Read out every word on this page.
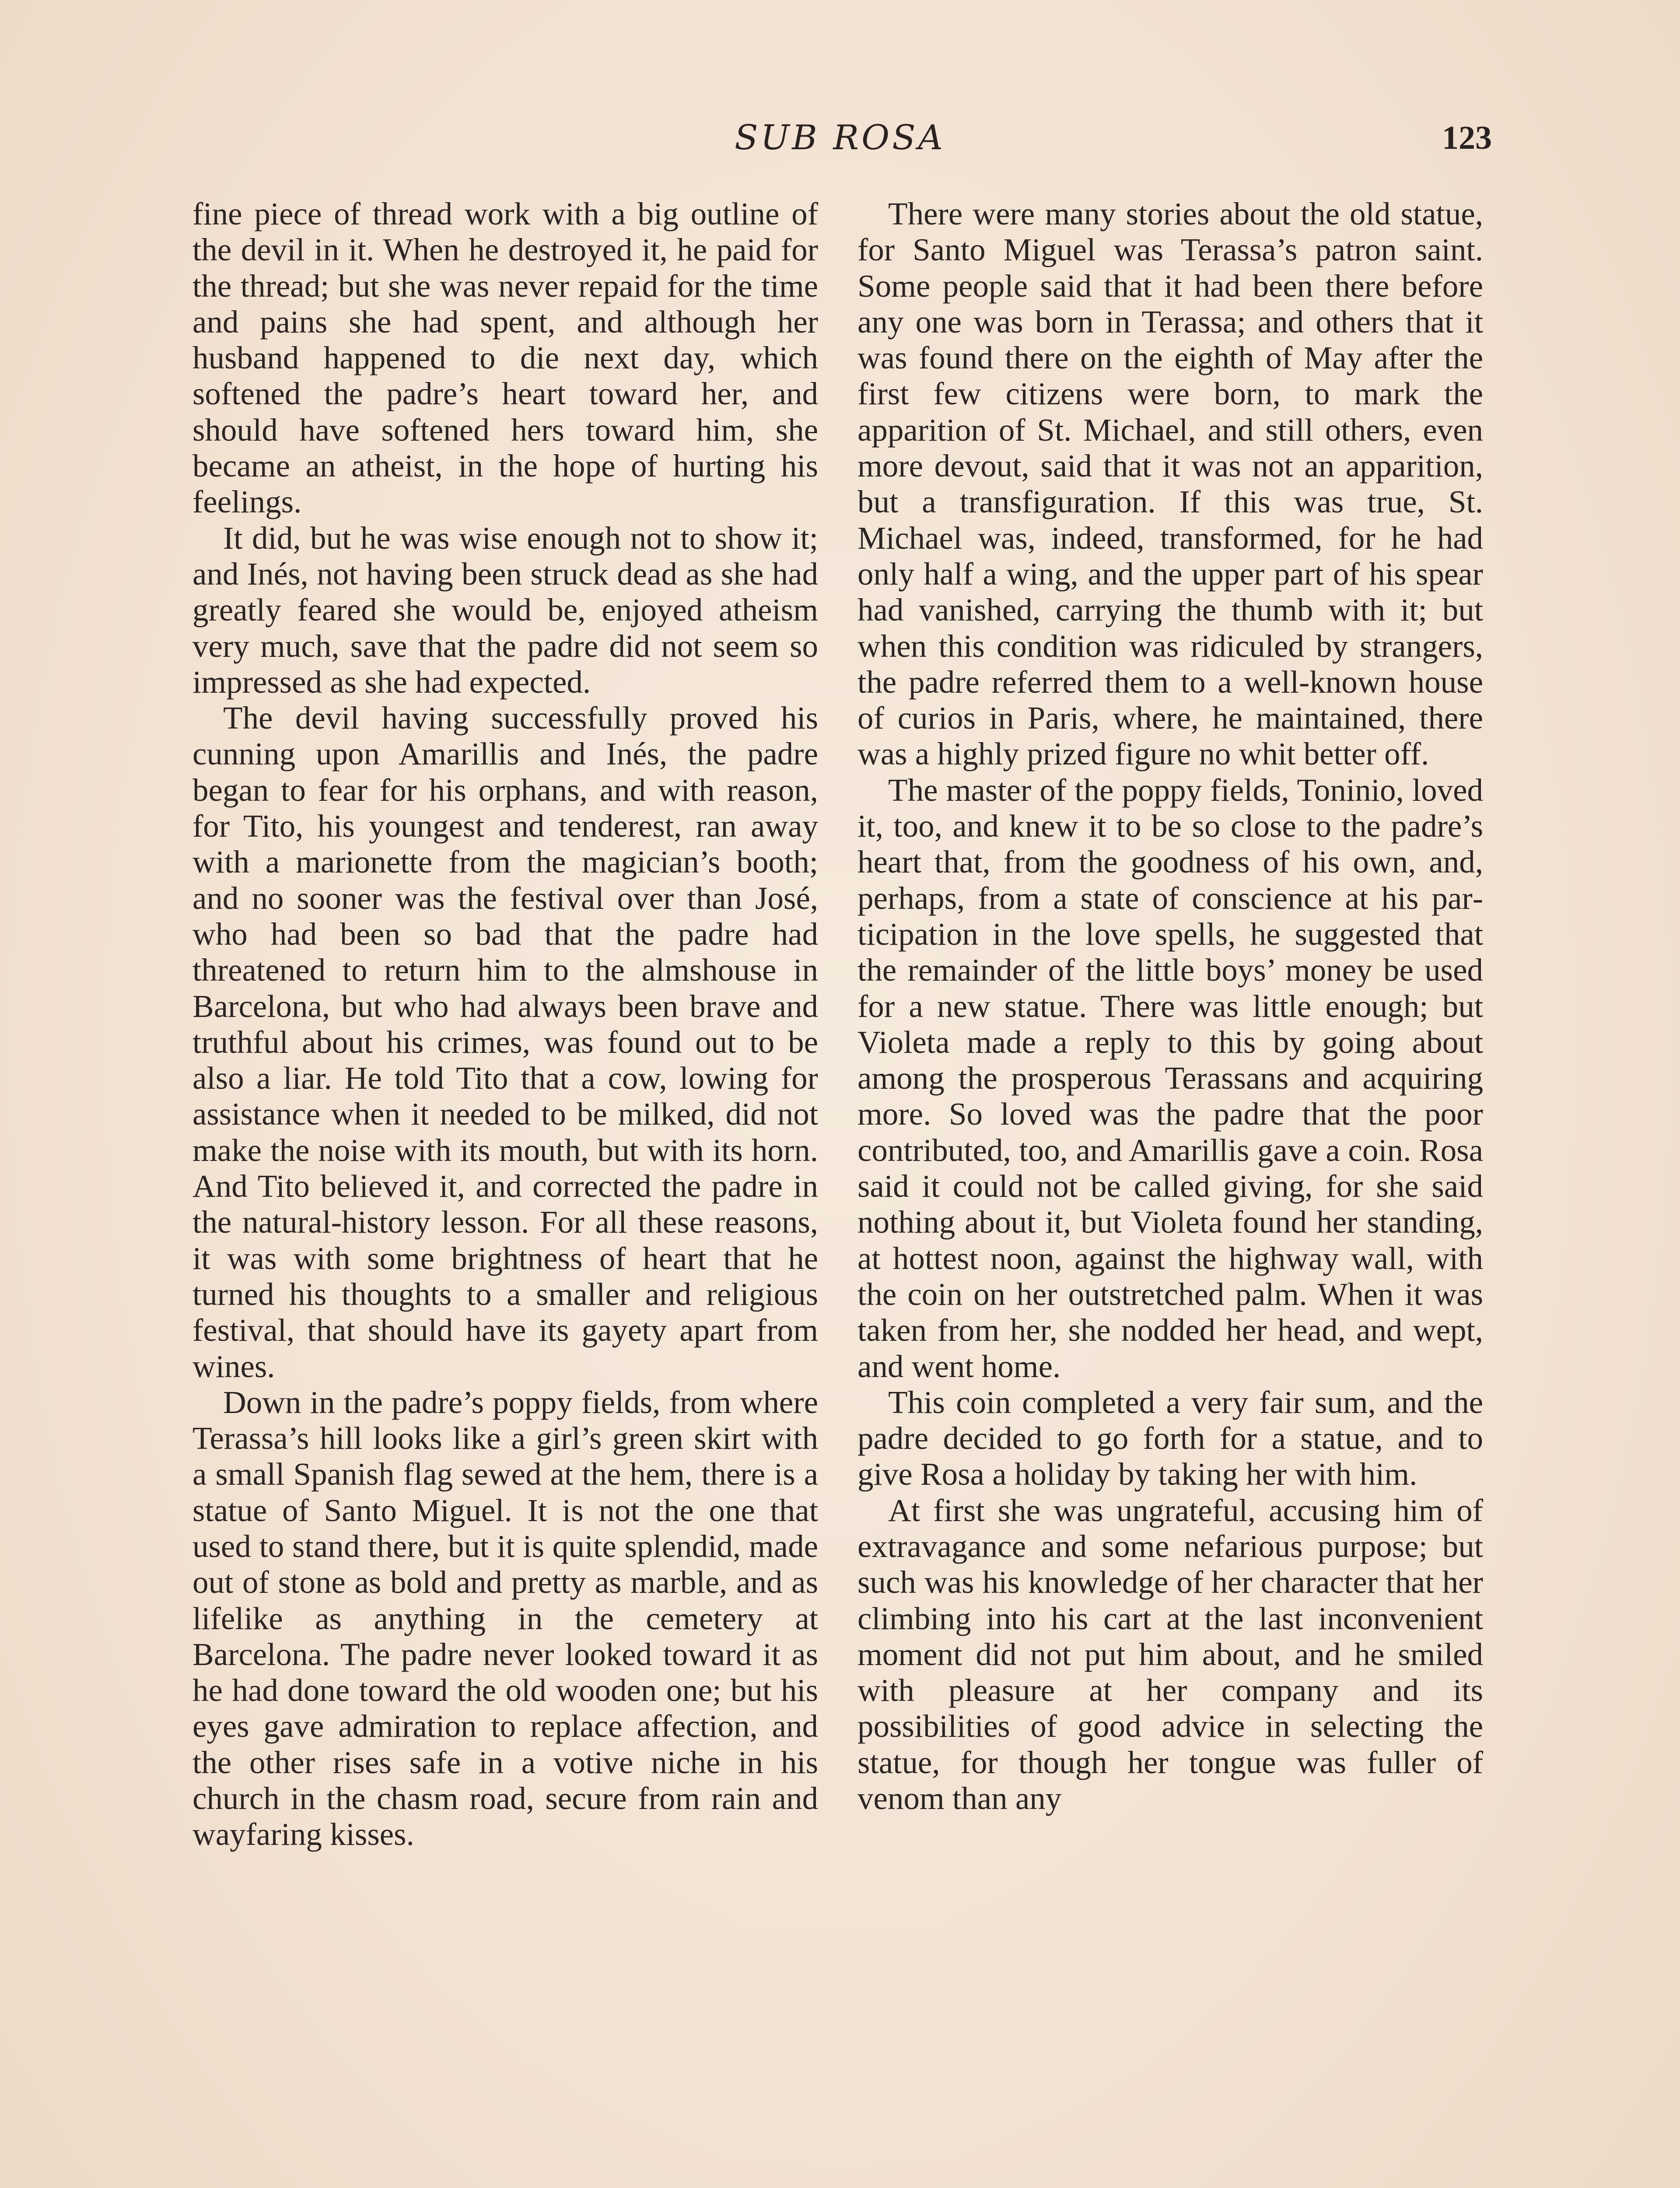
SUB ROSA	123

fine piece of thread work with a big outline of the devil in it. When he destroyed it, he paid for the thread; but she was never repaid for the time and pains she had spent, and although her husband happened to die next day, which softened the padre’s heart toward her, and should have softened hers toward him, she became an atheist, in the hope of hurting his feelings.

It did, but he was wise enough not to show it; and Inés, not having been struck dead as she had greatly feared she would be, enjoyed atheism very much, save that the padre did not seem so impressed as she had expected.

The devil having successfully proved his cunning upon Amarillis and Inés, the padre began to fear for his orphans, and with reason, for Tito, his youngest and tenderest, ran away with a marionette from the magician’s booth; and no sooner was the festival over than José, who had been so bad that the padre had threatened to return him to the almshouse in Barcelona, but who had always been brave and truthful about his crimes, was found out to be also a liar. He told Tito that a cow, lowing for assistance when it needed to be milked, did not make the noise with its mouth, but with its horn. And Tito believed it, and corrected the padre in the natural-history lesson. For all these reasons, it was with some brightness of heart that he turned his thoughts to a smaller and religious festival, that should have its gayety apart from wines.

Down in the padre’s poppy fields, from where Terassa’s hill looks like a girl’s green skirt with a small Spanish flag sewed at the hem, there is a statue of Santo Miguel. It is not the one that used to stand there, but it is quite splendid, made out of stone as bold and pretty as marble, and as lifelike as anything in the cemetery at Barcelona. The padre never looked toward it as he had done toward the old wooden one; but his eyes gave admiration to replace affection, and the other rises safe in a votive niche in his church in the chasm road, secure from rain and wayfaring kisses.

There were many stories about the old statue, for Santo Miguel was Terassa’s patron saint. Some people said that it had been there before any one was born in Terassa; and others that it was found there on the eighth of May after the first few citizens were born, to mark the apparition of St. Michael, and still others, even more devout, said that it was not an apparition, but a transfiguration. If this was true, St. Michael was, indeed, transformed, for he had only half a wing, and the upper part of his spear had vanished, carrying the thumb with it; but when this condition was ridiculed by strangers, the padre referred them to a well-known house of curios in Paris, where, he maintained, there was a highly prized figure no whit better off.

The master of the poppy fields, Toninio, loved it, too, and knew it to be so close to the padre’s heart that, from the goodness of his own, and, perhaps, from a state of conscience at his participation in the love spells, he suggested that the remainder of the little boys’ money be used for a new statue. There was little enough; but Violeta made a reply to this by going about among the prosperous Terassans and acquiring more. So loved was the padre that the poor contributed, too, and Amarillis gave a coin. Rosa said it could not be called giving, for she said nothing about it, but Violeta found her standing, at hottest noon, against the highway wall, with the coin on her outstretched palm. When it was taken from her, she nodded her head, and wept, and went home.

This coin completed a very fair sum, and the padre decided to go forth for a statue, and to give Rosa a holiday by taking her with him.

At first she was ungrateful, accusing him of extravagance and some nefarious purpose; but such was his knowledge of her character that her climbing into his cart at the last inconvenient moment did not put him about, and he smiled with pleasure at her company and its possibilities of good advice in selecting the statue, for though her tongue was fuller of venom than any
